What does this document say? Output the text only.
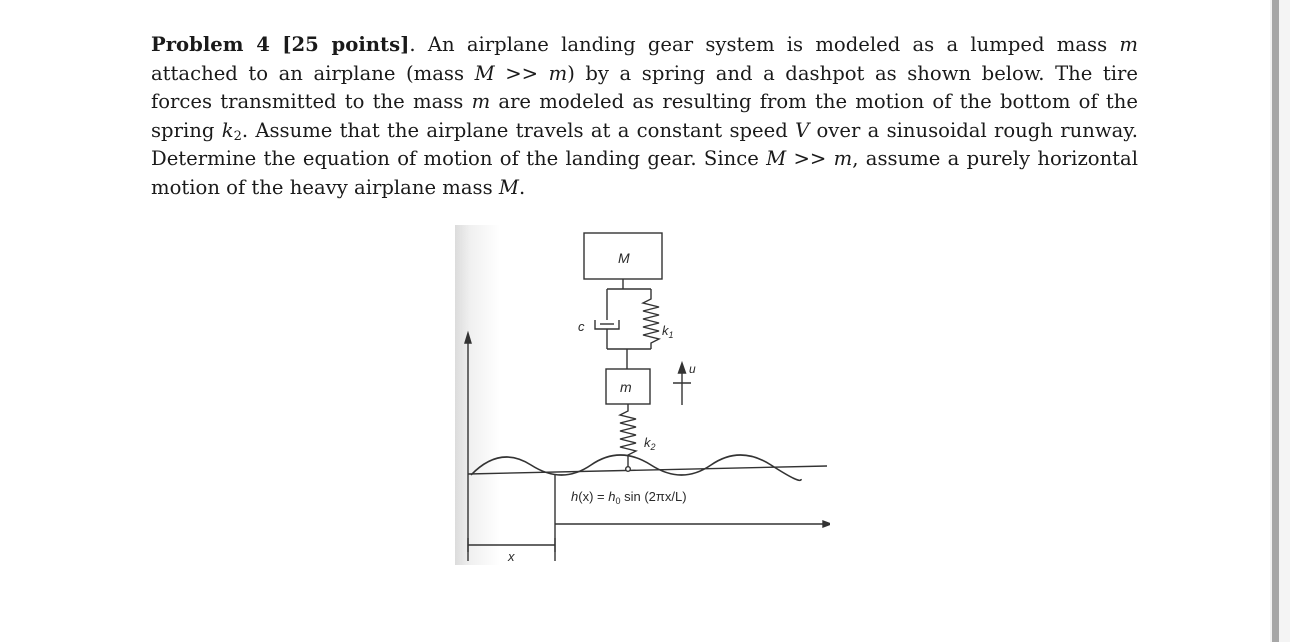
Problem 4 [25 points]. An airplane landing gear system is modeled as a lumped mass m
attached to an airplane (mass M >> m) by a spring and a dashpot as shown below. The tire
forces transmitted to the mass m are modeled as resulting from the motion of the bottom of the
spring $k_2$. Assume that the airplane travels at a constant speed V over a sinusoidal rough runway.
Determine the equation of motion of the landing gear. Since M >> m, assume a purely horizontal
motion of the heavy airplane mass M.
M
m
c	$k_1$
$k_2$
u
$h(x) = h_0$ sin (2πx/L)
x
